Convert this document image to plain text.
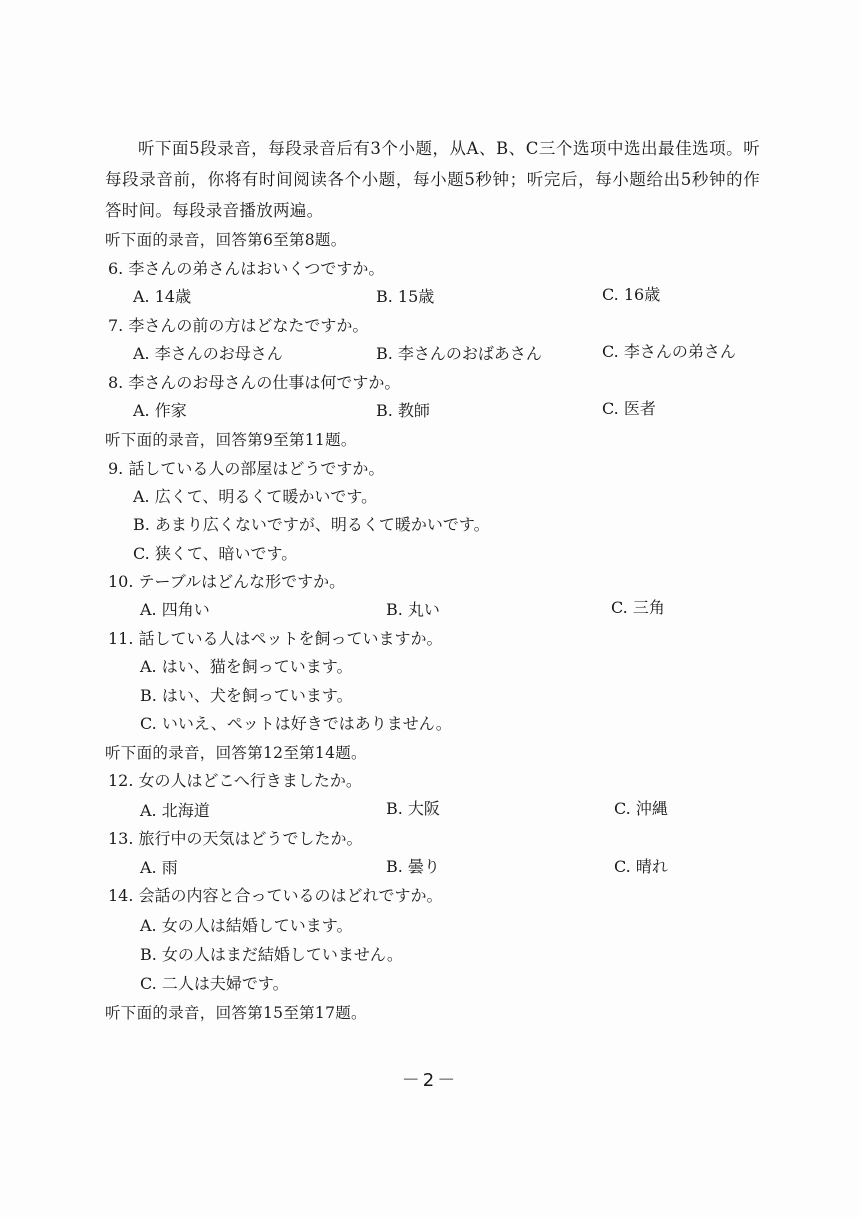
听下面5段录音，每段录音后有3个小题，从A、B、C三个选项中选出最佳选项。听每段录音前，你将有时间阅读各个小题，每小题5秒钟；听完后，每小题给出5秒钟的作答时间。每段录音播放两遍。
听下面的录音，回答第6至第8题。
6. 李さんの弟さんはおいくつですか。
A. 14歳	B. 15歳	C. 16歳
7. 李さんの前の方はどなたですか。
A. 李さんのお母さん	B. 李さんのおばあさん	C. 李さんの弟さん
8. 李さんのお母さんの仕事は何ですか。
A. 作家	B. 教師	C. 医者
听下面的录音，回答第9至第11题。
9. 話している人の部屋はどうですか。
A. 広くて、明るくて暖かいです。
B. あまり広くないですが、明るくて暖かいです。
C. 狭くて、暗いです。
10. テーブルはどんな形ですか。
A. 四角い	B. 丸い	C. 三角
11. 話している人はペットを飼っていますか。
A. はい、猫を飼っています。
B. はい、犬を飼っています。
C. いいえ、ペットは好きではありません。
听下面的录音，回答第12至第14题。
12. 女の人はどこへ行きましたか。
A. 北海道	B. 大阪	C. 沖縄
13. 旅行中の天気はどうでしたか。
A. 雨	B. 曇り	C. 晴れ
14. 会話の内容と合っているのはどれですか。
A. 女の人は結婚しています。
B. 女の人はまだ結婚していません。
C. 二人は夫婦です。
听下面的录音，回答第15至第17题。
－2－
